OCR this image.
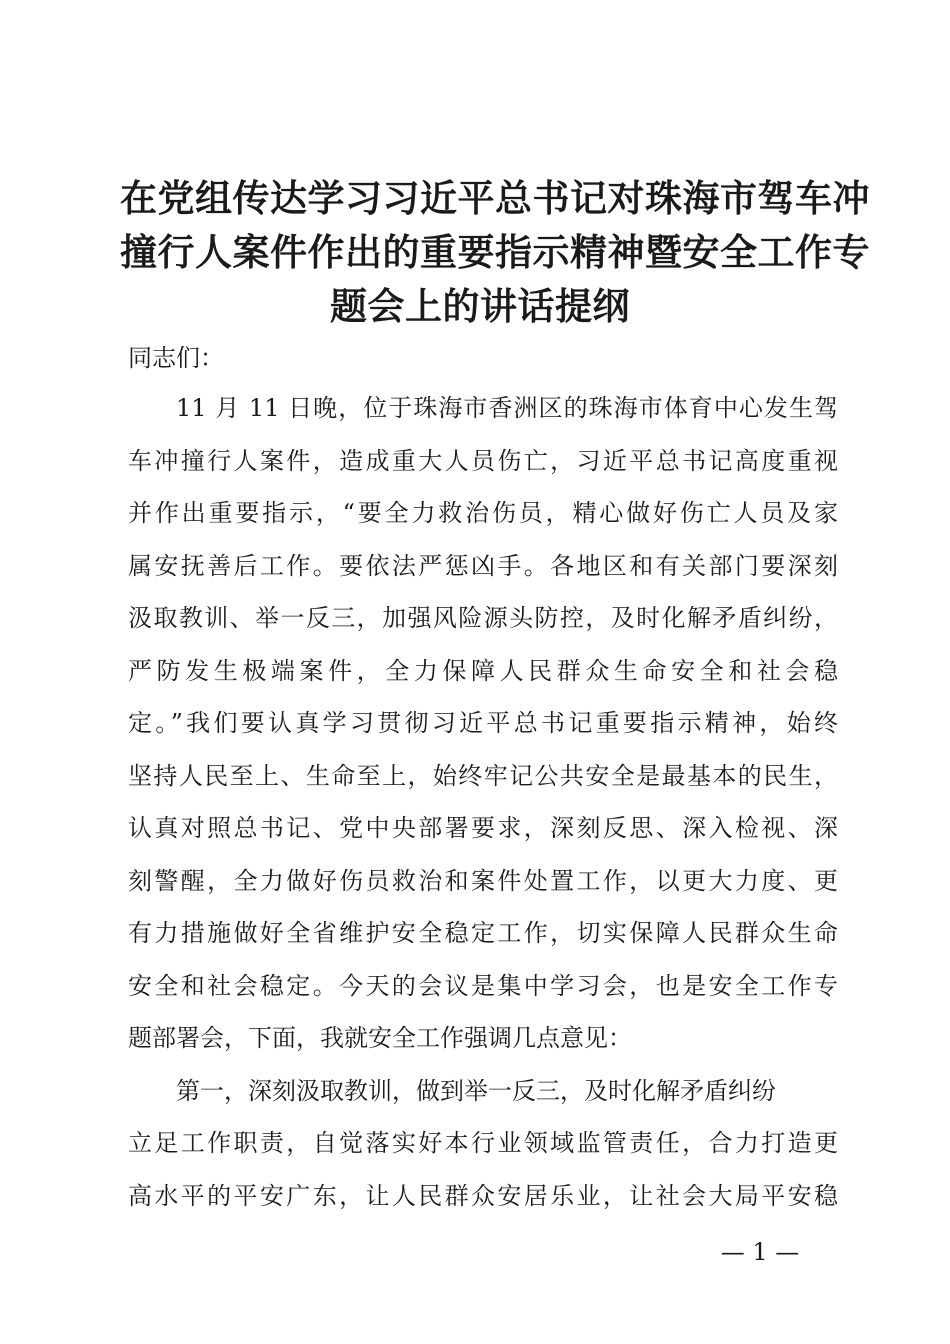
在党组传达学习习近平总书记对珠海市驾车冲
撞行人案件作出的重要指示精神暨安全工作专
题会上的讲话提纲
同志们：
11 月 11 日晚，位于珠海市香洲区的珠海市体育中心发生驾
车冲撞行人案件，造成重大人员伤亡，习近平总书记高度重视
并作出重要指示，“要全力救治伤员，精心做好伤亡人员及家
属安抚善后工作。要依法严惩凶手。各地区和有关部门要深刻
汲取教训、举一反三，加强风险源头防控，及时化解矛盾纠纷，
严防发生极端案件，全力保障人民群众生命安全和社会稳
定。”我们要认真学习贯彻习近平总书记重要指示精神，始终
坚持人民至上、生命至上，始终牢记公共安全是最基本的民生，
认真对照总书记、党中央部署要求，深刻反思、深入检视、深
刻警醒，全力做好伤员救治和案件处置工作，以更大力度、更
有力措施做好全省维护安全稳定工作，切实保障人民群众生命
安全和社会稳定。今天的会议是集中学习会，也是安全工作专
题部署会，下面，我就安全工作强调几点意见：
第一，深刻汲取教训，做到举一反三，及时化解矛盾纠纷
立足工作职责，自觉落实好本行业领域监管责任，合力打造更
高水平的平安广东，让人民群众安居乐业，让社会大局平安稳
— 1 —
